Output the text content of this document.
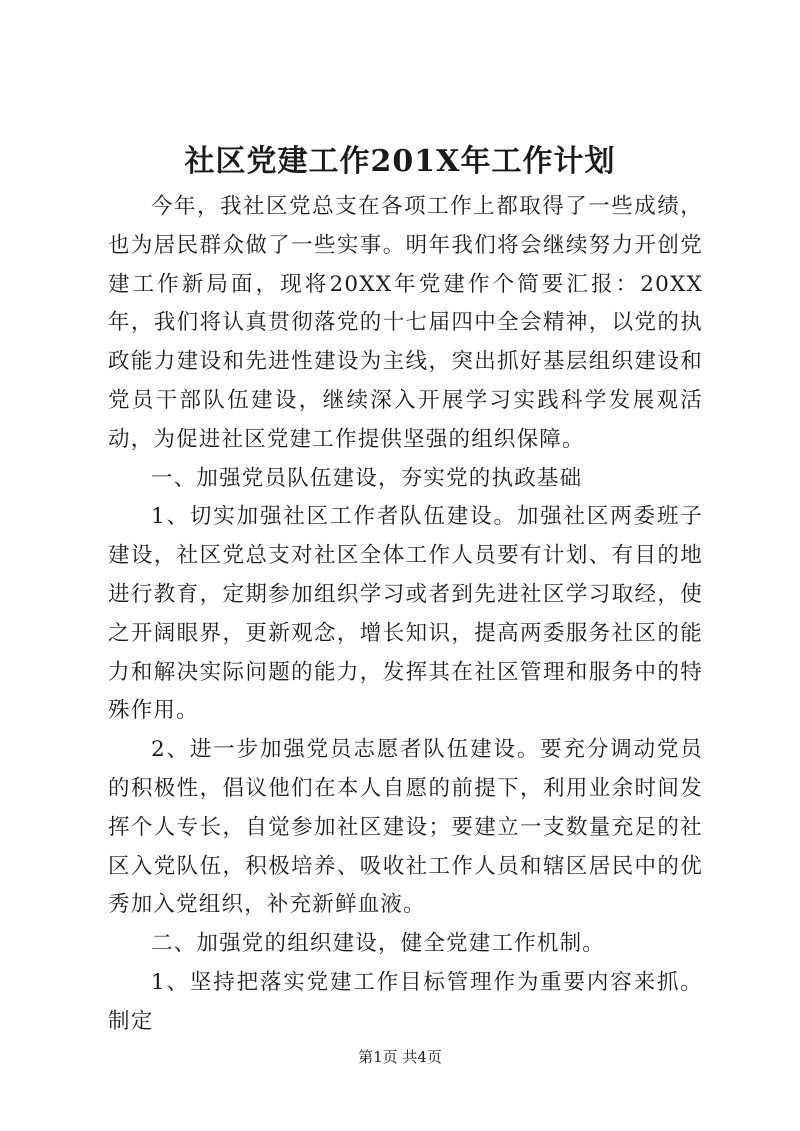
社区党建工作201X年工作计划

今年，我社区党总支在各项工作上都取得了一些成绩，也为居民群众做了一些实事。明年我们将会继续努力开创党建工作新局面，现将20XX年党建作个简要汇报：20XX年，我们将认真贯彻落党的十七届四中全会精神，以党的执政能力建设和先进性建设为主线，突出抓好基层组织建设和党员干部队伍建设，继续深入开展学习实践科学发展观活动，为促进社区党建工作提供坚强的组织保障。

一、加强党员队伍建设，夯实党的执政基础

1、切实加强社区工作者队伍建设。加强社区两委班子建设，社区党总支对社区全体工作人员要有计划、有目的地进行教育，定期参加组织学习或者到先进社区学习取经，使之开阔眼界，更新观念，增长知识，提高两委服务社区的能力和解决实际问题的能力，发挥其在社区管理和服务中的特殊作用。

2、进一步加强党员志愿者队伍建设。要充分调动党员的积极性，倡议他们在本人自愿的前提下，利用业余时间发挥个人专长，自觉参加社区建设；要建立一支数量充足的社区入党队伍，积极培养、吸收社工作人员和辖区居民中的优秀加入党组织，补充新鲜血液。

二、加强党的组织建设，健全党建工作机制。

1、坚持把落实党建工作目标管理作为重要内容来抓。制定

第1页 共4页
